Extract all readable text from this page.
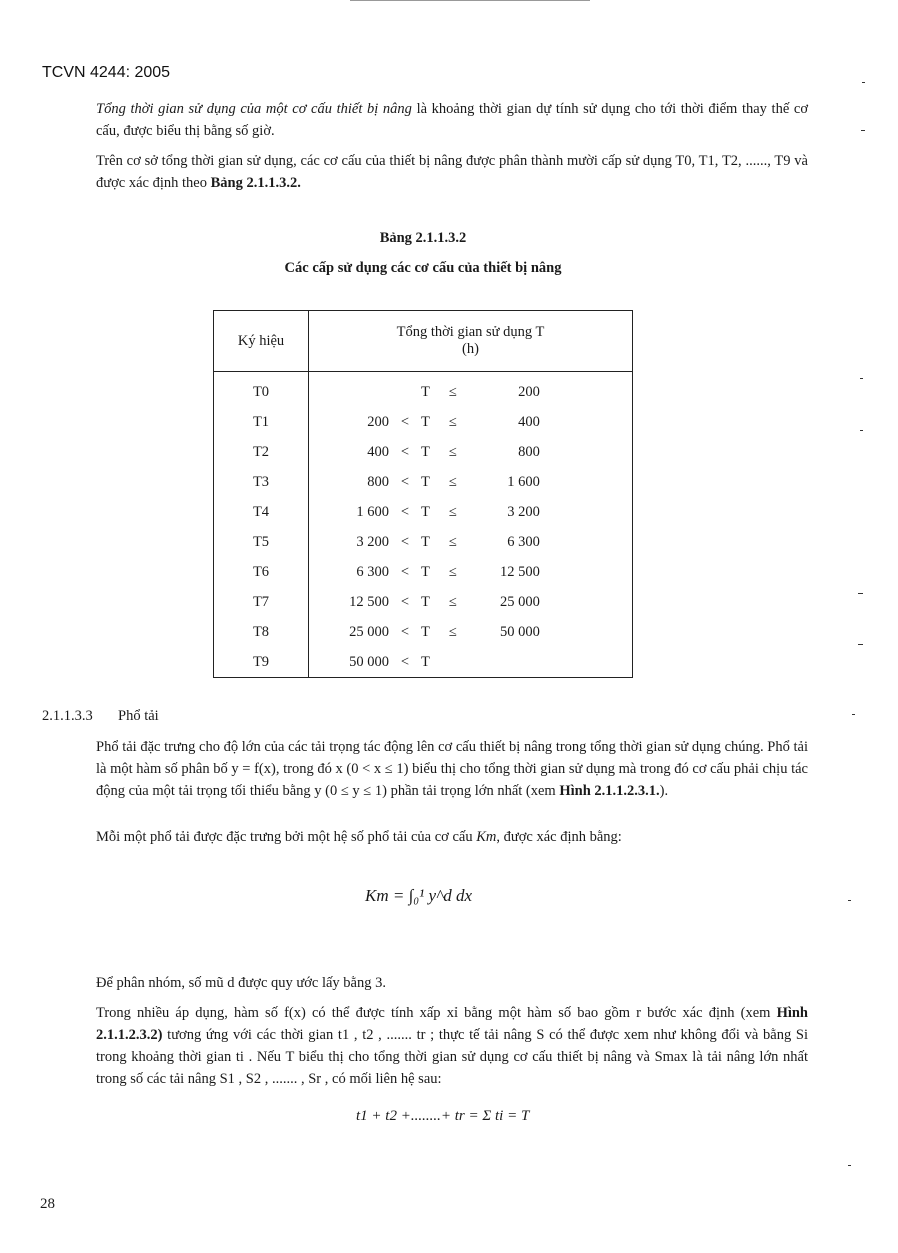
TCVN 4244: 2005
Tổng thời gian sử dụng của một cơ cấu thiết bị nâng là khoảng thời gian dự tính sử dụng cho tới thời điểm thay thế cơ cấu, được biểu thị bằng số giờ.
Trên cơ sở tổng thời gian sử dụng, các cơ cấu của thiết bị nâng được phân thành mười cấp sử dụng T0, T1, T2, ......, T9 và được xác định theo Bảng 2.1.1.3.2.
Bảng 2.1.1.3.2
Các cấp sử dụng các cơ cấu của thiết bị nâng
Ký hiệu	Tổng thời gian sử dụng T
(h)

T0	T ≤ 200

T1	200 < T ≤ 400

T2	400 < T ≤ 800

T3	800 < T ≤ 1 600

T4	1 600 < T ≤ 3 200

T5	3 200 < T ≤ 6 300

T6	6 300 < T ≤ 12 500

T7	12 500 < T ≤ 25 000

T8	25 000 < T ≤ 50 000

T9	50 000 < T
2.1.1.3.3 Phổ tải
Phổ tải đặc trưng cho độ lớn của các tải trọng tác động lên cơ cấu thiết bị nâng trong tổng thời gian sử dụng chúng. Phổ tải là một hàm số phân bố y = f(x), trong đó x (0 < x ≤ 1) biểu thị cho tổng thời gian sử dụng mà trong đó cơ cấu phải chịu tác động của một tải trọng tối thiểu bằng y (0 ≤ y ≤ 1) phần tải trọng lớn nhất (xem Hình 2.1.1.2.3.1.).
Mỗi một phổ tải được đặc trưng bởi một hệ số phổ tải của cơ cấu Km, được xác định bằng:
Km = ∫₀¹ y^d dx
Để phân nhóm, số mũ d được quy ước lấy bằng 3.
Trong nhiều áp dụng, hàm số f(x) có thể được tính xấp xỉ bằng một hàm số bao gồm r bước xác định (xem Hình 2.1.1.2.3.2) tương ứng với các thời gian t1 , t2 , ....... tr ; thực tế tải nâng S có thể được xem như không đổi và bằng Si trong khoảng thời gian ti . Nếu T biểu thị cho tổng thời gian sử dụng cơ cấu thiết bị nâng và Smax là tải nâng lớn nhất trong số các tải nâng S1 , S2 , ....... , Sr , có mối liên hệ sau:
t1 + t2 +........+ tr = Σ ti = T
28
